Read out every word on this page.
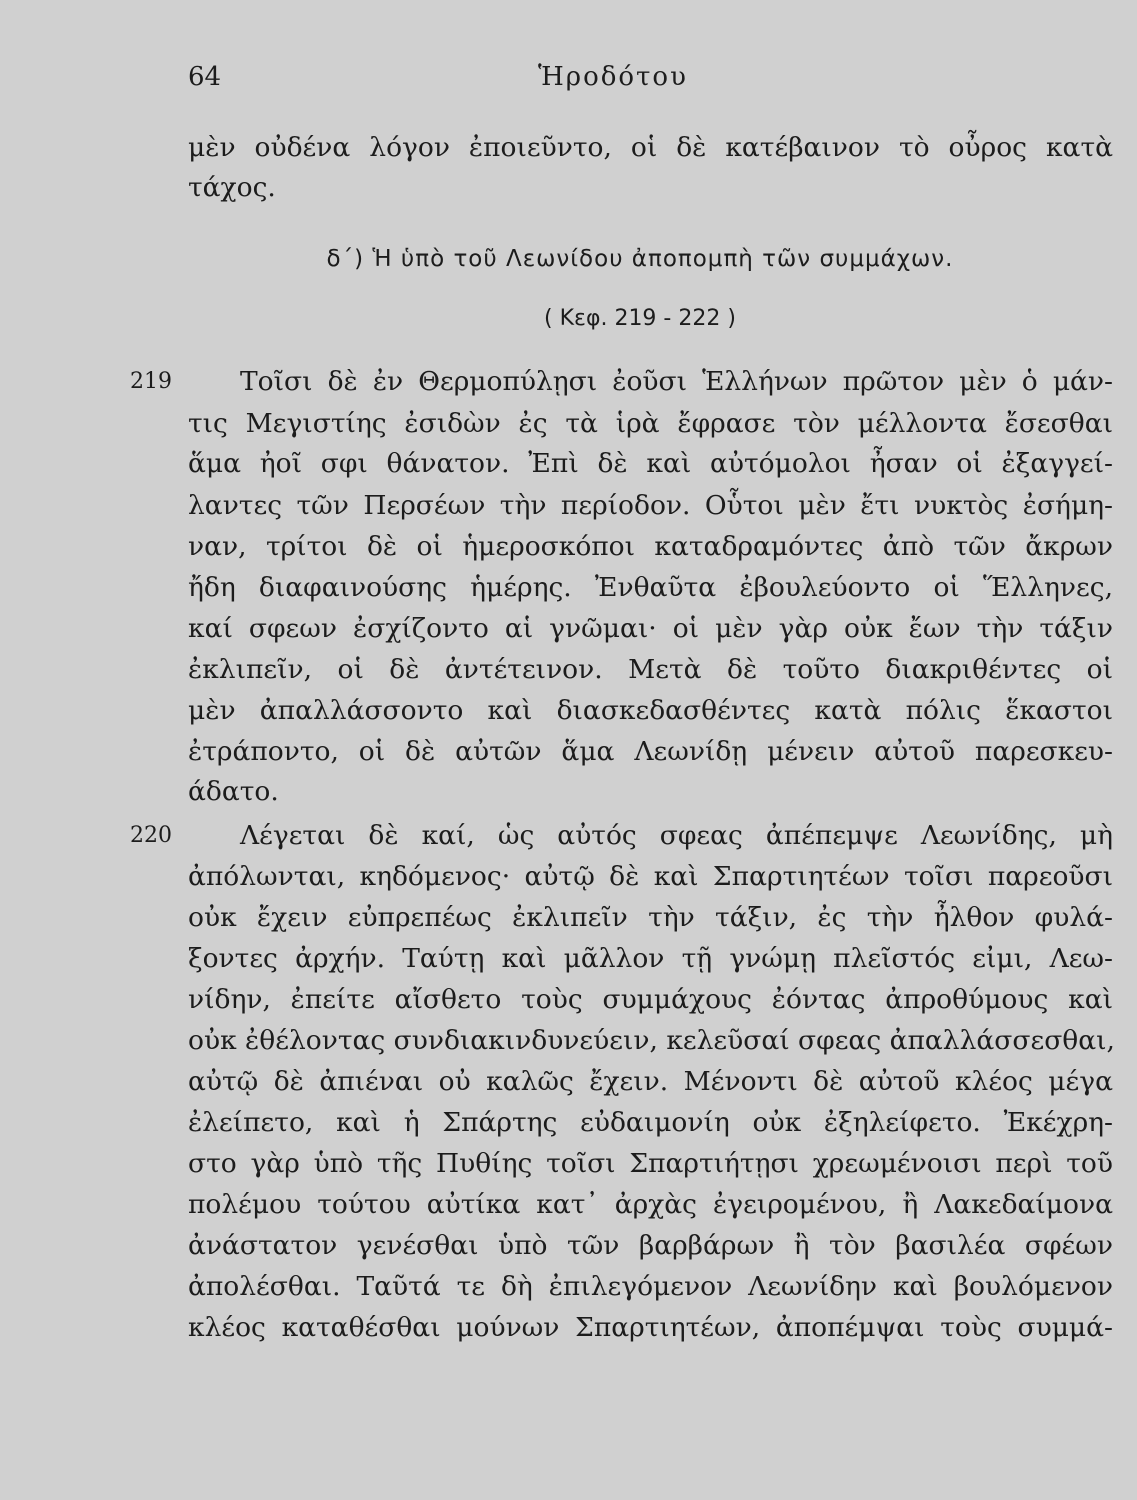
64	Ἡροδότου
μὲν οὐδένα λόγον ἐποιεῦντο, οἱ δὲ κατέβαινον τὸ οὖρος κατὰ
τάχος.
δ΄) Ἡ ὑπὸ τοῦ Λεωνίδου ἀποπομπὴ τῶν συμμάχων.
( Κεφ. 219 - 222 )
219	Τοῖσι δὲ ἐν Θερμοπύλῃσι ἐοῦσι Ἑλλήνων πρῶτον μὲν ὁ μάν-
τις Μεγιστίης ἐσιδὼν ἐς τὰ ἱρὰ ἔφρασε τὸν μέλλοντα ἔσεσθαι
ἅμα ἠοῖ σφι θάνατον. Ἐπὶ δὲ καὶ αὐτόμολοι ἦσαν οἱ ἐξαγγεί-
λαντες τῶν Περσέων τὴν περίοδον. Οὗτοι μὲν ἔτι νυκτὸς ἐσήμη-
ναν, τρίτοι δὲ οἱ ἡμεροσκόποι καταδραμόντες ἀπὸ τῶν ἄκρων
ἤδη διαφαινούσης ἡμέρης. Ἐνθαῦτα ἐβουλεύοντο οἱ Ἕλληνες,
καί σφεων ἐσχίζοντο αἱ γνῶμαι· οἱ μὲν γὰρ οὐκ ἔων τὴν τάξιν
ἐκλιπεῖν, οἱ δὲ ἀντέτεινον. Μετὰ δὲ τοῦτο διακριθέντες οἱ
μὲν ἀπαλλάσσοντο καὶ διασκεδασθέντες κατὰ πόλις ἕκαστοι
ἐτράποντο, οἱ δὲ αὐτῶν ἅμα Λεωνίδῃ μένειν αὐτοῦ παρεσκευ-
άδατο.
220	Λέγεται δὲ καί, ὡς αὐτός σφεας ἀπέπεμψε Λεωνίδης, μὴ
ἀπόλωνται, κηδόμενος· αὐτῷ δὲ καὶ Σπαρτιητέων τοῖσι παρεοῦσι
οὐκ ἔχειν εὐπρεπέως ἐκλιπεῖν τὴν τάξιν, ἐς τὴν ἦλθον φυλά-
ξοντες ἀρχήν. Ταύτῃ καὶ μᾶλλον τῇ γνώμῃ πλεῖστός εἰμι, Λεω-
νίδην, ἐπείτε αἴσθετο τοὺς συμμάχους ἐόντας ἀπροθύμους καὶ
οὐκ ἐθέλοντας συνδιακινδυνεύειν, κελεῦσαί σφεας ἀπαλλάσσεσθαι,
αὐτῷ δὲ ἀπιέναι οὐ καλῶς ἔχειν. Μένοντι δὲ αὐτοῦ κλέος μέγα
ἐλείπετο, καὶ ἡ Σπάρτης εὐδαιμονίη οὐκ ἐξηλείφετο. Ἐκέχρη-
στο γὰρ ὑπὸ τῆς Πυθίης τοῖσι Σπαρτιήτῃσι χρεωμένοισι περὶ τοῦ
πολέμου τούτου αὐτίκα κατ᾽ ἀρχὰς ἐγειρομένου, ἢ Λακεδαίμονα
ἀνάστατον γενέσθαι ὑπὸ τῶν βαρβάρων ἢ τὸν βασιλέα σφέων
ἀπολέσθαι. Ταῦτά τε δὴ ἐπιλεγόμενον Λεωνίδην καὶ βουλόμενον
κλέος καταθέσθαι μούνων Σπαρτιητέων, ἀποπέμψαι τοὺς συμμά-
